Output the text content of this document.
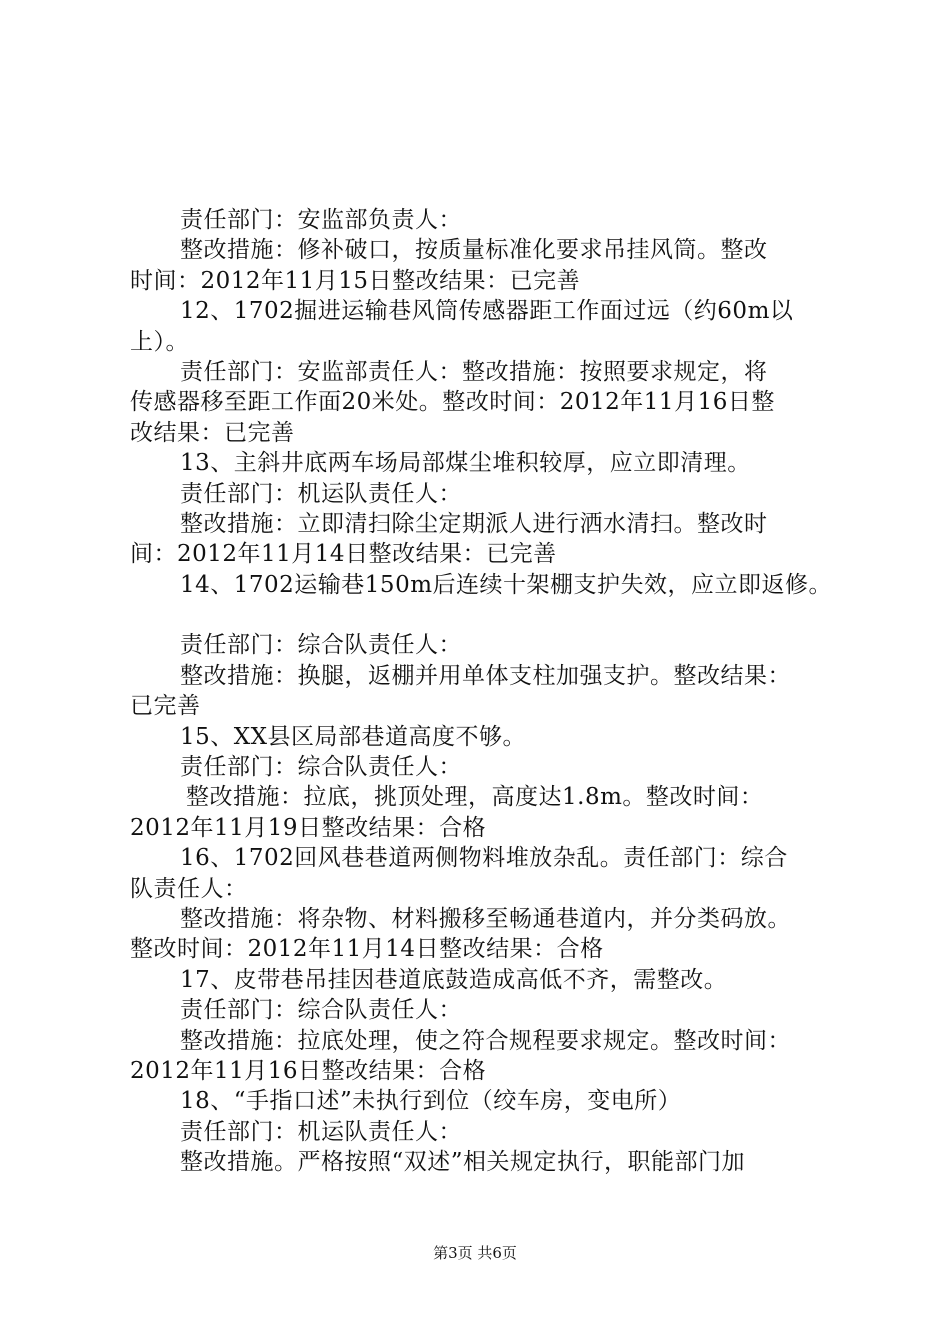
责任部门：安监部负责人：
整改措施：修补破口，按质量标准化要求吊挂风筒。整改
时间：2012年11月15日整改结果：已完善
12、1702掘进运输巷风筒传感器距工作面过远（约60m以
上）。
责任部门：安监部责任人：整改措施：按照要求规定，将
传感器移至距工作面20米处。整改时间：2012年11月16日整
改结果：已完善
13、主斜井底两车场局部煤尘堆积较厚，应立即清理。
责任部门：机运队责任人：
整改措施：立即清扫除尘定期派人进行洒水清扫。整改时
间：2012年11月14日整改结果：已完善
14、1702运输巷150m后连续十架棚支护失效，应立即返修。
责任部门：综合队责任人：
整改措施：换腿，返棚并用单体支柱加强支护。整改结果：
已完善
15、XX县区局部巷道高度不够。
责任部门：综合队责任人：
整改措施：拉底，挑顶处理，高度达1.8m。整改时间：
2012年11月19日整改结果：合格
16、1702回风巷巷道两侧物料堆放杂乱。责任部门：综合
队责任人：
整改措施：将杂物、材料搬移至畅通巷道内，并分类码放。
整改时间：2012年11月14日整改结果：合格
17、皮带巷吊挂因巷道底鼓造成高低不齐，需整改。
责任部门：综合队责任人：
整改措施：拉底处理，使之符合规程要求规定。整改时间：
2012年11月16日整改结果：合格
18、“手指口述”未执行到位（绞车房，变电所）
责任部门：机运队责任人：
整改措施。严格按照“双述”相关规定执行，职能部门加
第3页 共6页
